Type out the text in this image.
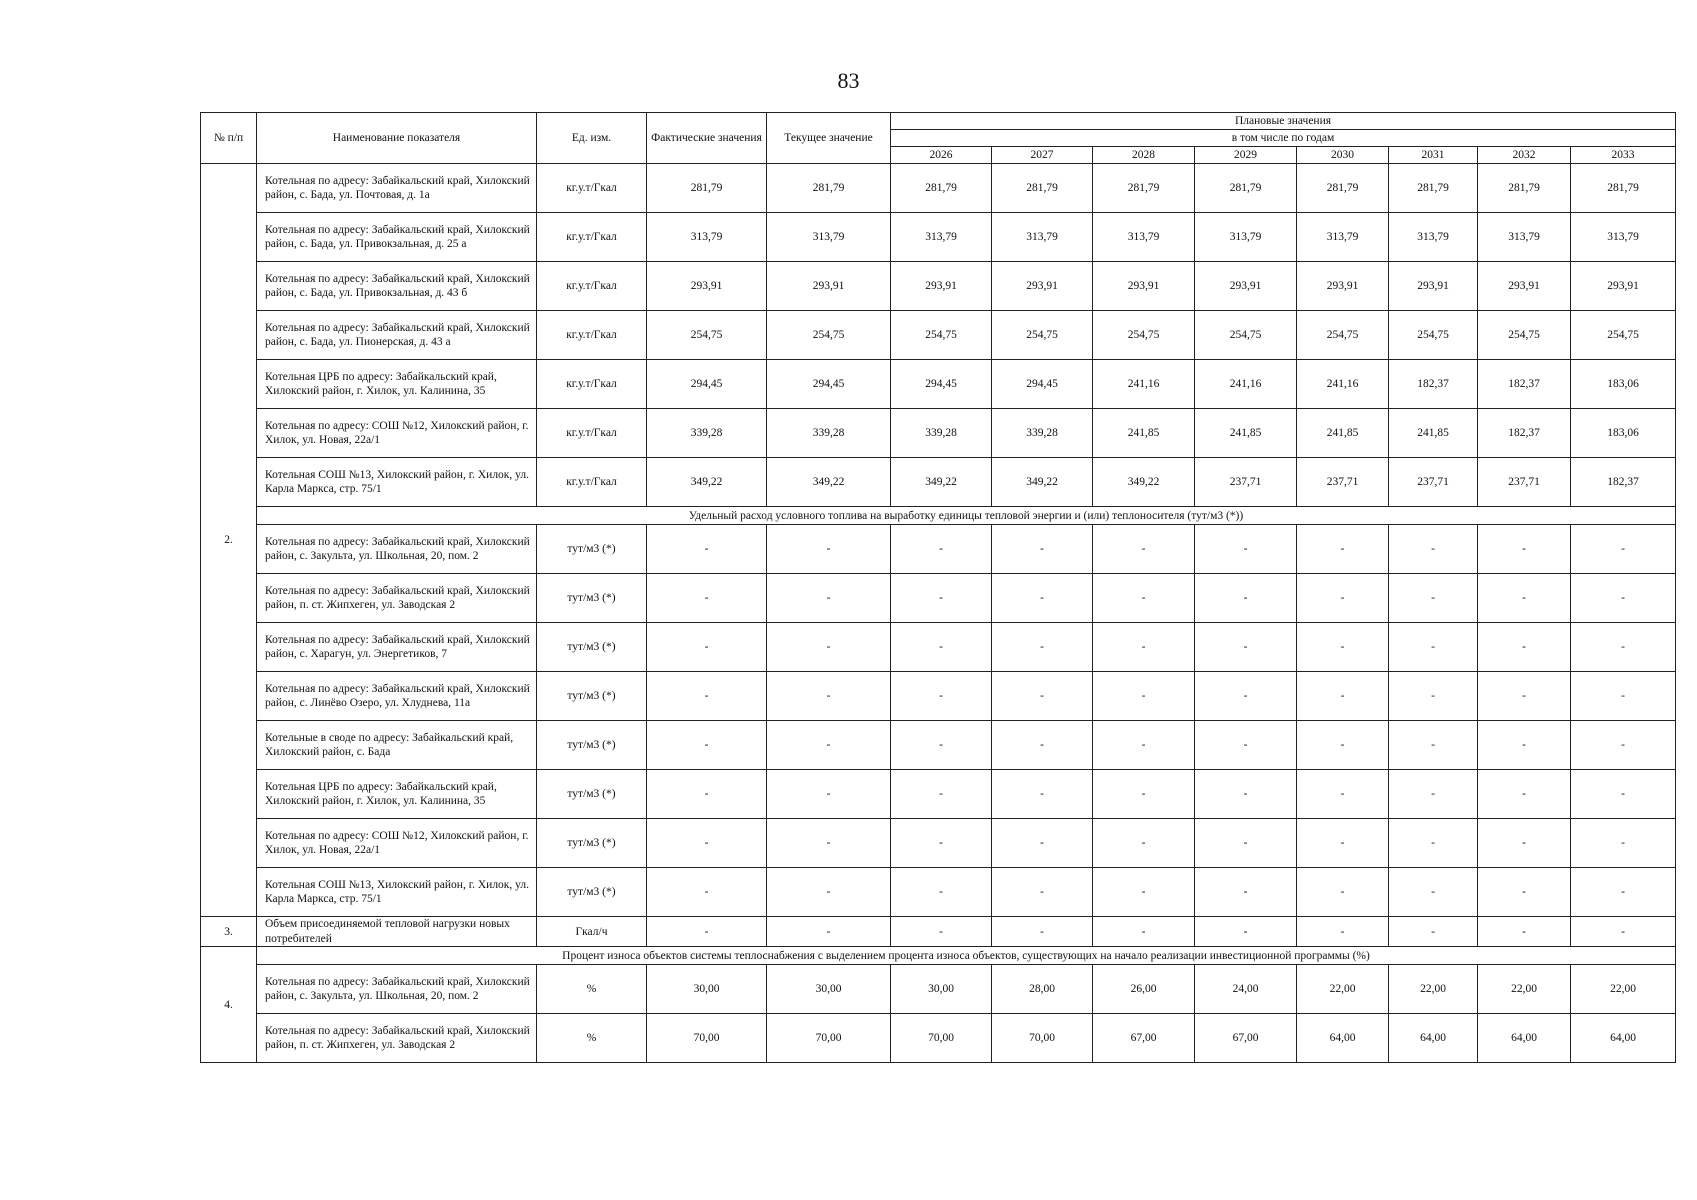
83
№ п/п	Наименование показателя	Ед. изм.	Фактические значения	Текущее значение	Плановые значения							
					в том числе по годам							
					2026	2027	2028	2029	2030	2031	2032	2033
2.	Котельная по адресу: Забайкальский край, Хилокский район, с. Бада, ул. Почтовая, д. 1а	кг.у.т/Гкал	281,79	281,79	281,79	281,79	281,79	281,79	281,79	281,79	281,79	281,79
	Котельная по адресу: Забайкальский край, Хилокский район, с. Бада, ул. Привокзальная, д. 25 а	кг.у.т/Гкал	313,79	313,79	313,79	313,79	313,79	313,79	313,79	313,79	313,79	313,79
	Котельная по адресу: Забайкальский край, Хилокский район, с. Бада, ул. Привокзальная, д. 43 б	кг.у.т/Гкал	293,91	293,91	293,91	293,91	293,91	293,91	293,91	293,91	293,91	293,91
	Котельная по адресу: Забайкальский край, Хилокский район, с. Бада, ул. Пионерская, д. 43 а	кг.у.т/Гкал	254,75	254,75	254,75	254,75	254,75	254,75	254,75	254,75	254,75	254,75
	Котельная ЦРБ по адресу: Забайкальский край, Хилокский район, г. Хилок, ул. Калинина, 35	кг.у.т/Гкал	294,45	294,45	294,45	294,45	241,16	241,16	241,16	182,37	182,37	183,06
	Котельная по адресу: СОШ №12, Хилокский район, г. Хилок, ул. Новая, 22а/1	кг.у.т/Гкал	339,28	339,28	339,28	339,28	241,85	241,85	241,85	241,85	182,37	183,06
	Котельная СОШ №13, Хилокский район, г. Хилок, ул. Карла Маркса, стр. 75/1	кг.у.т/Гкал	349,22	349,22	349,22	349,22	349,22	237,71	237,71	237,71	237,71	182,37
	Удельный расход условного топлива на выработку единицы тепловой энергии и (или) теплоносителя (тут/м3 (*))											
	Котельная по адресу: Забайкальский край, Хилокский район, с. Закульта, ул. Школьная, 20, пом. 2	тут/м3 (*)	-	-	-	-	-	-	-	-	-	-
	Котельная по адресу: Забайкальский край, Хилокский район, п. ст. Жипхеген, ул. Заводская 2	тут/м3 (*)	-	-	-	-	-	-	-	-	-	-
	Котельная по адресу: Забайкальский край, Хилокский район, с. Харагун, ул. Энергетиков, 7	тут/м3 (*)	-	-	-	-	-	-	-	-	-	-
	Котельная по адресу: Забайкальский край, Хилокский район, с. Линёво Озеро, ул. Хлуднева, 11а	тут/м3 (*)	-	-	-	-	-	-	-	-	-	-
	Котельные в своде по адресу: Забайкальский край, Хилокский район, с. Бада	тут/м3 (*)	-	-	-	-	-	-	-	-	-	-
	Котельная ЦРБ по адресу: Забайкальский край, Хилокский район, г. Хилок, ул. Калинина, 35	тут/м3 (*)	-	-	-	-	-	-	-	-	-	-
	Котельная по адресу: СОШ №12, Хилокский район, г. Хилок, ул. Новая, 22а/1	тут/м3 (*)	-	-	-	-	-	-	-	-	-	-
	Котельная СОШ №13, Хилокский район, г. Хилок, ул. Карла Маркса, стр. 75/1	тут/м3 (*)	-	-	-	-	-	-	-	-	-	-
3.	Объем присоединяемой тепловой нагрузки новых потребителей	Гкал/ч	-	-	-	-	-	-	-	-	-	-
4.	Процент износа объектов системы теплоснабжения с выделением процента износа объектов, существующих на начало реализации инвестиционной программы (%)											
	Котельная по адресу: Забайкальский край, Хилокский район, с. Закульта, ул. Школьная, 20, пом. 2	%	30,00	30,00	30,00	28,00	26,00	24,00	22,00	22,00	22,00	22,00
	Котельная по адресу: Забайкальский край, Хилокский район, п. ст. Жипхеген, ул. Заводская 2	%	70,00	70,00	70,00	70,00	67,00	67,00	64,00	64,00	64,00	64,00
